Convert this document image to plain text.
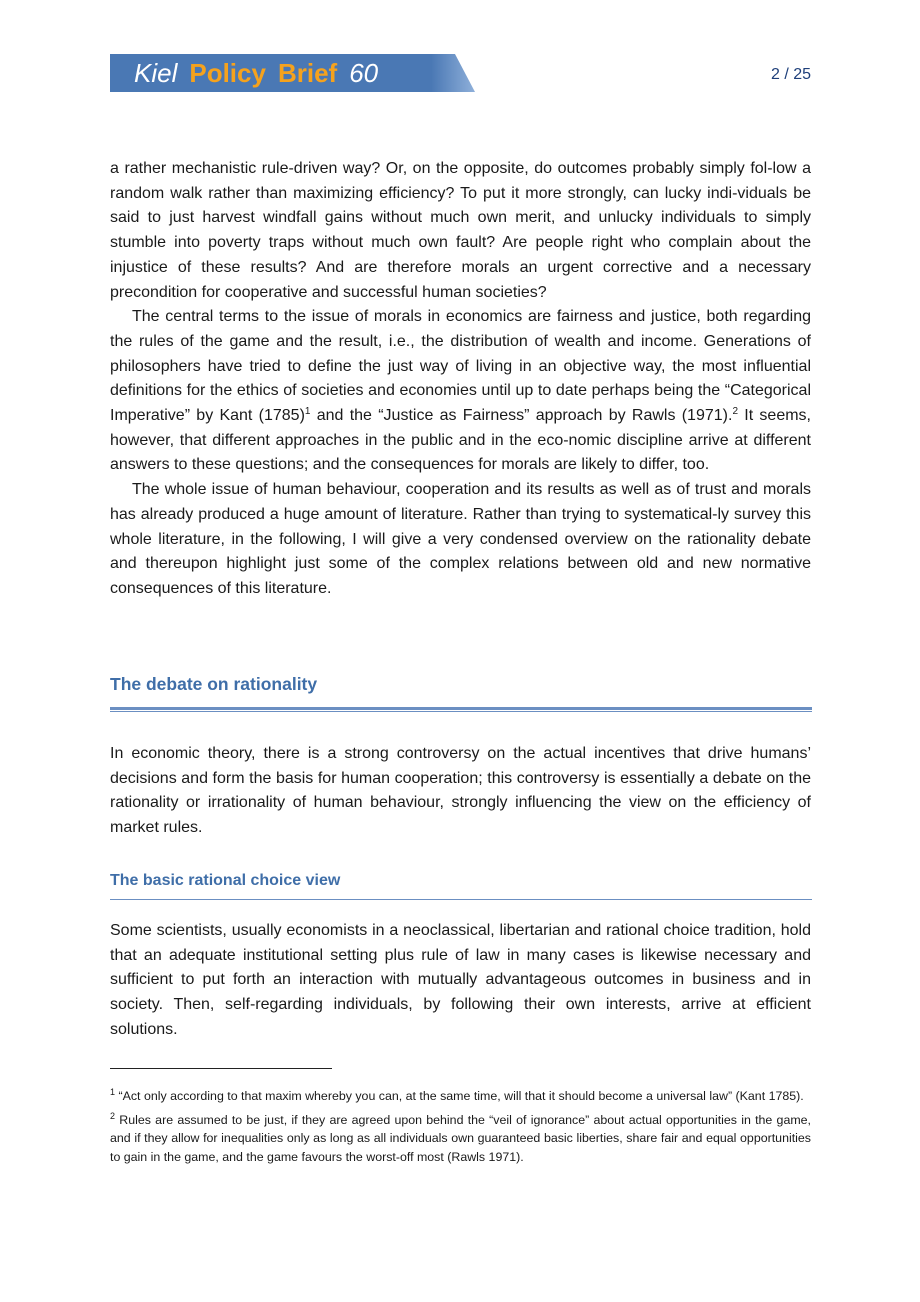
Kiel Policy Brief 60	2 / 25

a rather mechanistic rule-driven way? Or, on the opposite, do outcomes probably simply fol-low a random walk rather than maximizing efficiency? To put it more strongly, can lucky indi-viduals be said to just harvest windfall gains without much own merit, and unlucky individuals to simply stumble into poverty traps without much own fault? Are people right who complain about the injustice of these results? And are therefore morals an urgent corrective and a necessary precondition for cooperative and successful human societies?

The central terms to the issue of morals in economics are fairness and justice, both regarding the rules of the game and the result, i.e., the distribution of wealth and income. Generations of philosophers have tried to define the just way of living in an objective way, the most influential definitions for the ethics of societies and economies until up to date perhaps being the “Categorical Imperative” by Kant $(1785)^1$ and the “Justice as Fairness” approach by Rawls (1971).$^2$ It seems, however, that different approaches in the public and in the eco-nomic discipline arrive at different answers to these questions; and the consequences for morals are likely to differ, too.

The whole issue of human behaviour, cooperation and its results as well as of trust and morals has already produced a huge amount of literature. Rather than trying to systematical-ly survey this whole literature, in the following, I will give a very condensed overview on the rationality debate and thereupon highlight just some of the complex relations between old and new normative consequences of this literature.

The debate on rationality

In economic theory, there is a strong controversy on the actual incentives that drive humans’ decisions and form the basis for human cooperation; this controversy is essentially a debate on the rationality or irrationality of human behaviour, strongly influencing the view on the efficiency of market rules.

The basic rational choice view

Some scientists, usually economists in a neoclassical, libertarian and rational choice tradition, hold that an adequate institutional setting plus rule of law in many cases is likewise necessary and sufficient to put forth an interaction with mutually advantageous outcomes in business and in society. Then, self-regarding individuals, by following their own interests, arrive at efficient solutions.

$^1$ “Act only according to that maxim whereby you can, at the same time, will that it should become a universal law” (Kant 1785).

$^2$ Rules are assumed to be just, if they are agreed upon behind the “veil of ignorance” about actual opportunities in the game, and if they allow for inequalities only as long as all individuals own guaranteed basic liberties, share fair and equal opportunities to gain in the game, and the game favours the worst-off most (Rawls 1971).
